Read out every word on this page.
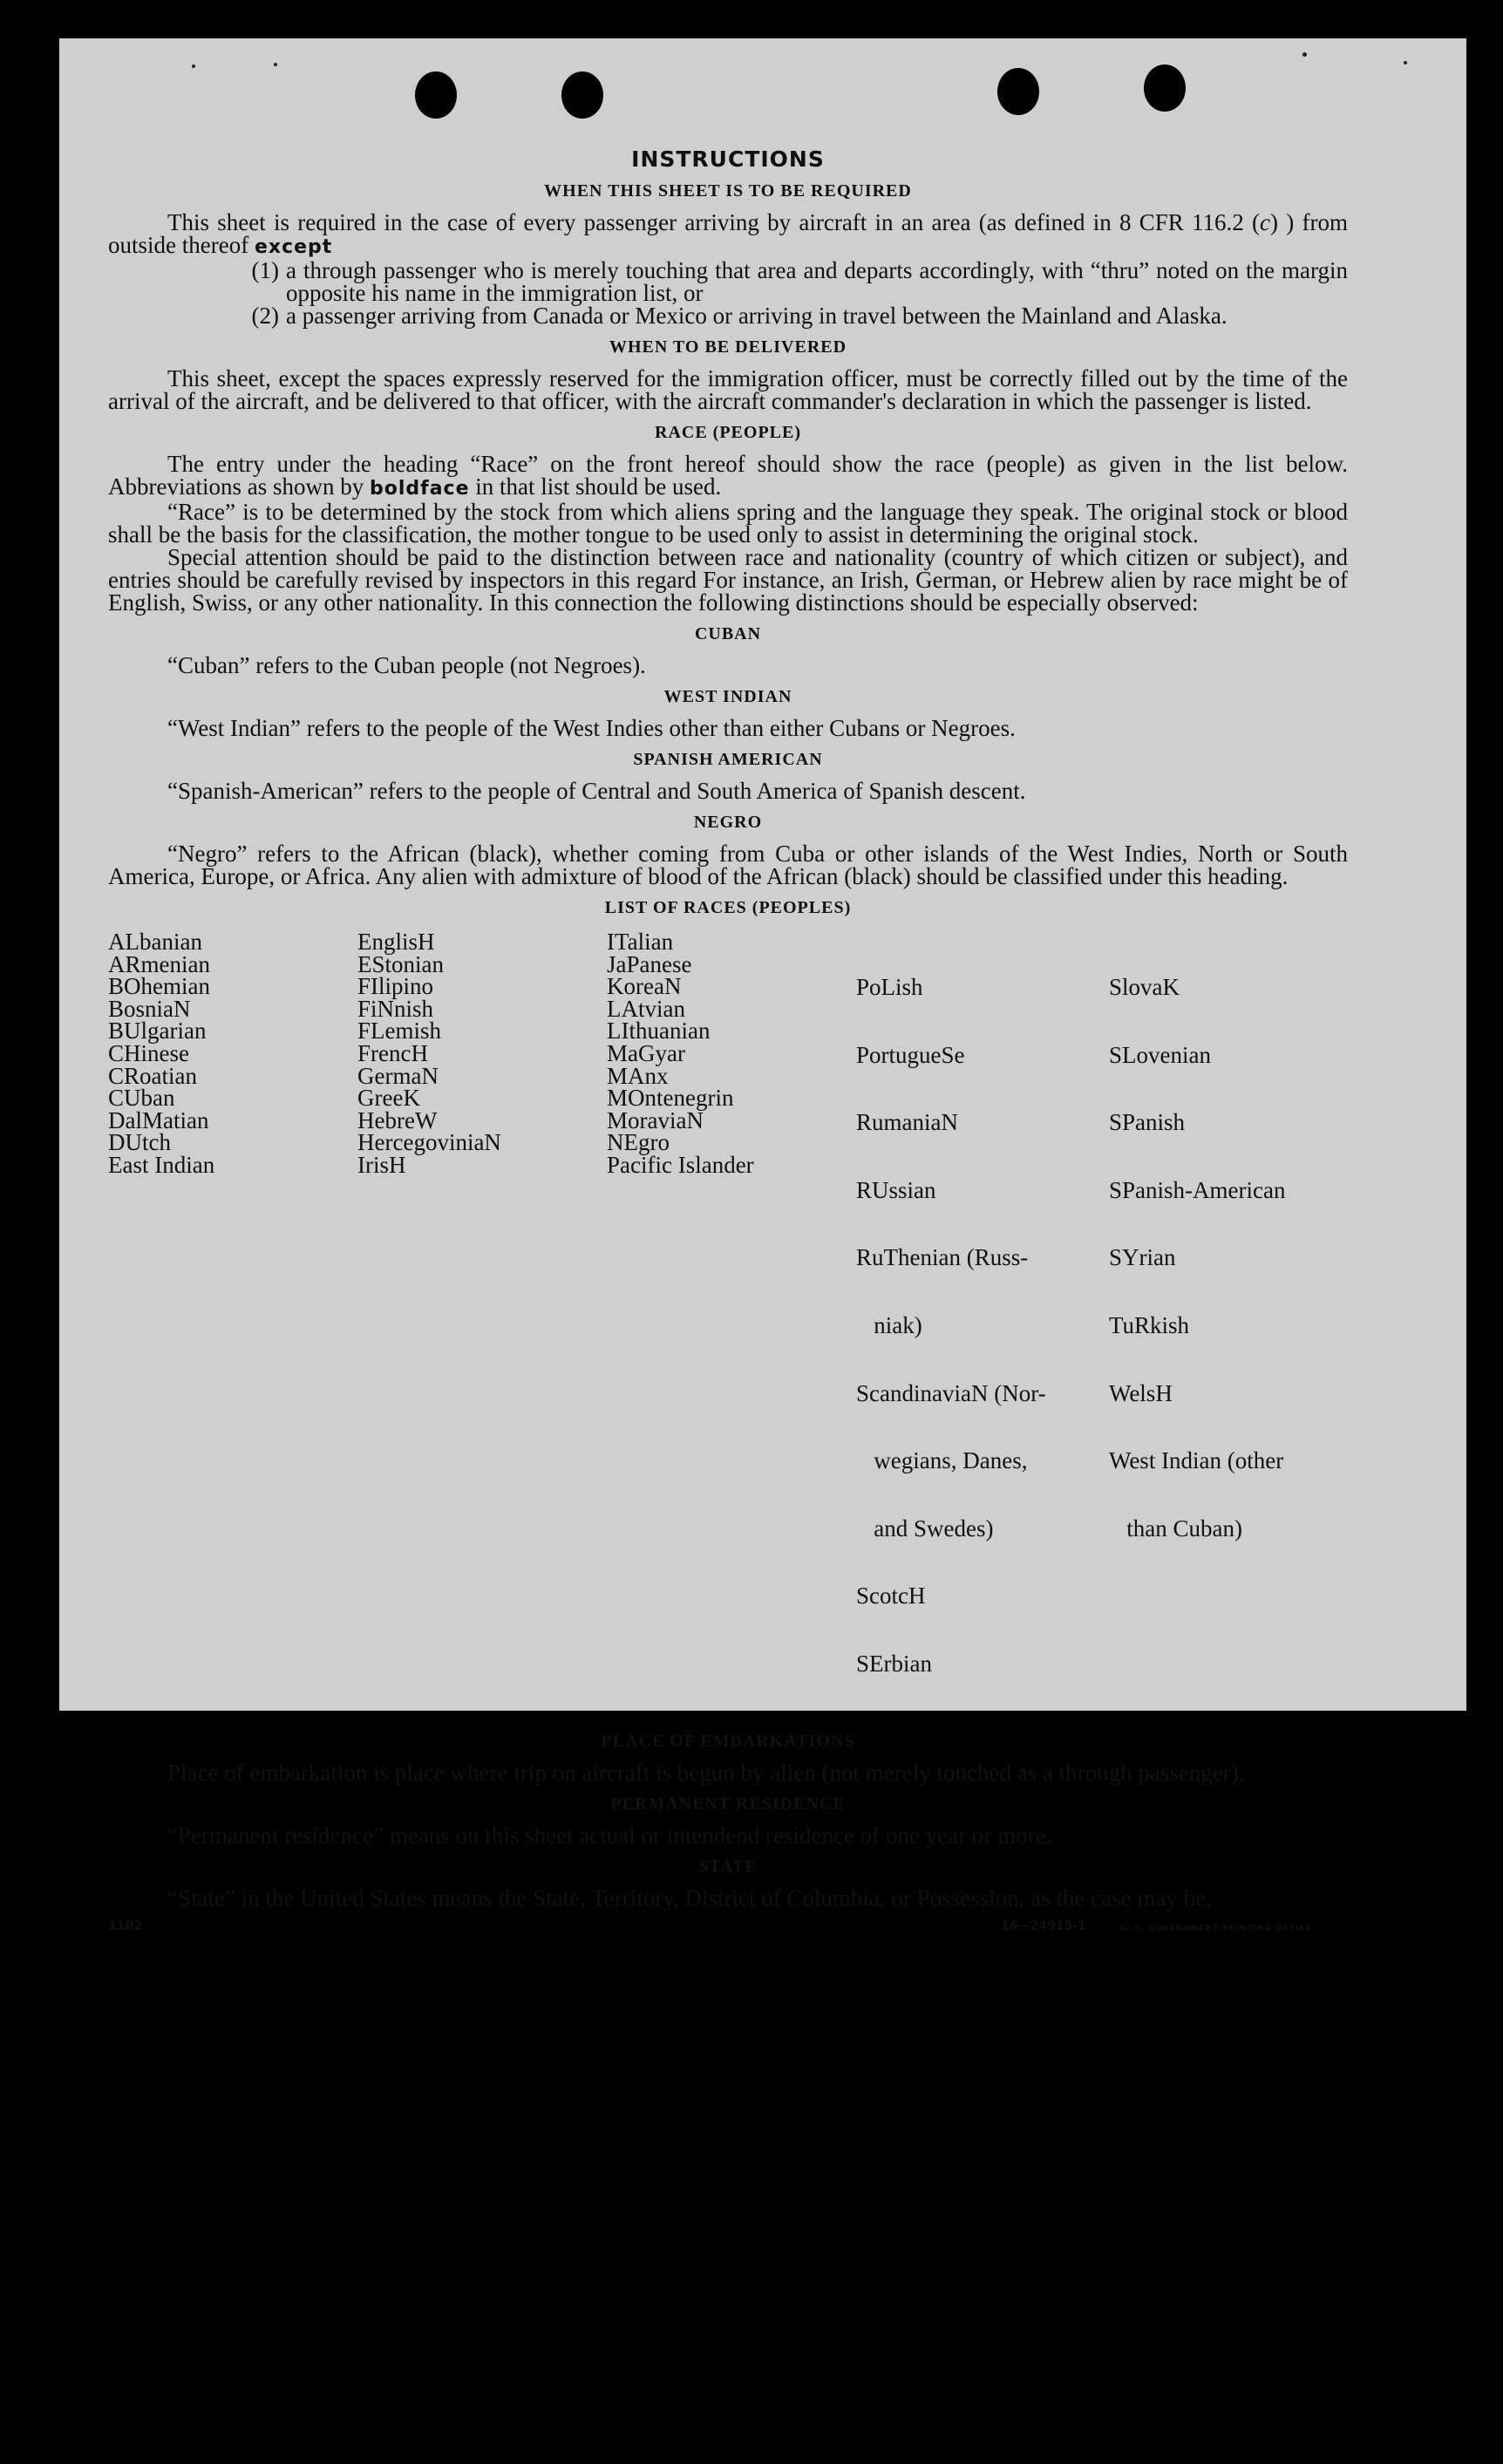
INSTRUCTIONS
WHEN THIS SHEET IS TO BE REQUIRED

This sheet is required in the case of every passenger arriving by aircraft in an area (as defined in 8 CFR 116.2 (c) ) from outside thereof except

(1) a through passenger who is merely touching that area and departs accordingly, with “thru” noted on the margin opposite his name in the immigration list, or
(2) a passenger arriving from Canada or Mexico or arriving in travel between the Mainland and Alaska.
WHEN TO BE DELIVERED

This sheet, except the spaces expressly reserved for the immigration officer, must be correctly filled out by the time of the arrival of the aircraft, and be delivered to that officer, with the aircraft commander's declaration in which the passenger is listed.

RACE (PEOPLE)

The entry under the heading “Race” on the front hereof should show the race (people) as given in the list below. Abbreviations as shown by boldface in that list should be used.

“Race” is to be determined by the stock from which aliens spring and the language they speak. The original stock or blood shall be the basis for the classification, the mother tongue to be used only to assist in determining the original stock.

Special attention should be paid to the distinction between race and nationality (country of which citizen or subject), and entries should be carefully revised by inspectors in this regard For instance, an Irish, German, or Hebrew alien by race might be of English, Swiss, or any other nationality. In this connection the following distinctions should be especially observed:

CUBAN

“Cuban” refers to the Cuban people (not Negroes).

WEST INDIAN

“West Indian” refers to the people of the West Indies other than either Cubans or Negroes.

SPANISH AMERICAN

“Spanish-American” refers to the people of Central and South America of Spanish descent.

NEGRO

“Negro” refers to the African (black), whether coming from Cuba or other islands of the West Indies, North or South America, Europe, or Africa. Any alien with admixture of blood of the African (black) should be classified under this heading.

LIST OF RACES (PEOPLES)
ALbanian
ARmenian
BOhemian
BosniaN
BUlgarian
CHinese
CRoatian
CUban
DalMatian
DUtch
East Indian
EnglisH
EStonian
FIlipino
FiNnish
FLemish
FrencH
GermaN
GreeK
HebreW
HercegoviniaN
IrisH
ITalian
JaPanese
KoreaN
LAtvian
LIthuanian
MaGyar
MAnx
MOntenegrin
MoraviaN
NEgro
Pacific Islander

PoLish

PortugueSe

RumaniaN

RUssian

RuThenian (Russ-

niak)

ScandinaviaN (Nor-

wegians, Danes,

and Swedes)

ScotcH

SErbian

SlovaK

SLovenian

SPanish

SPanish-American

SYrian

TuRkish

WelsH

West Indian (other

than Cuban)

PLACE OF EMBARKATIONS

Place of embarkation is place where trip on aircraft is begun by alien (not merely touched as a through passenger).

PERMANENT RESIDENCE

“Permanent residence” means on this sheet actual or intendend residence of one year or more.

STATE

“State” in the United States means the State, Territory, District of Columbia, or Possession, as the case may be.

1102	16—24915-1	U. S. GOVERNMENT PRINTING OFFICE
